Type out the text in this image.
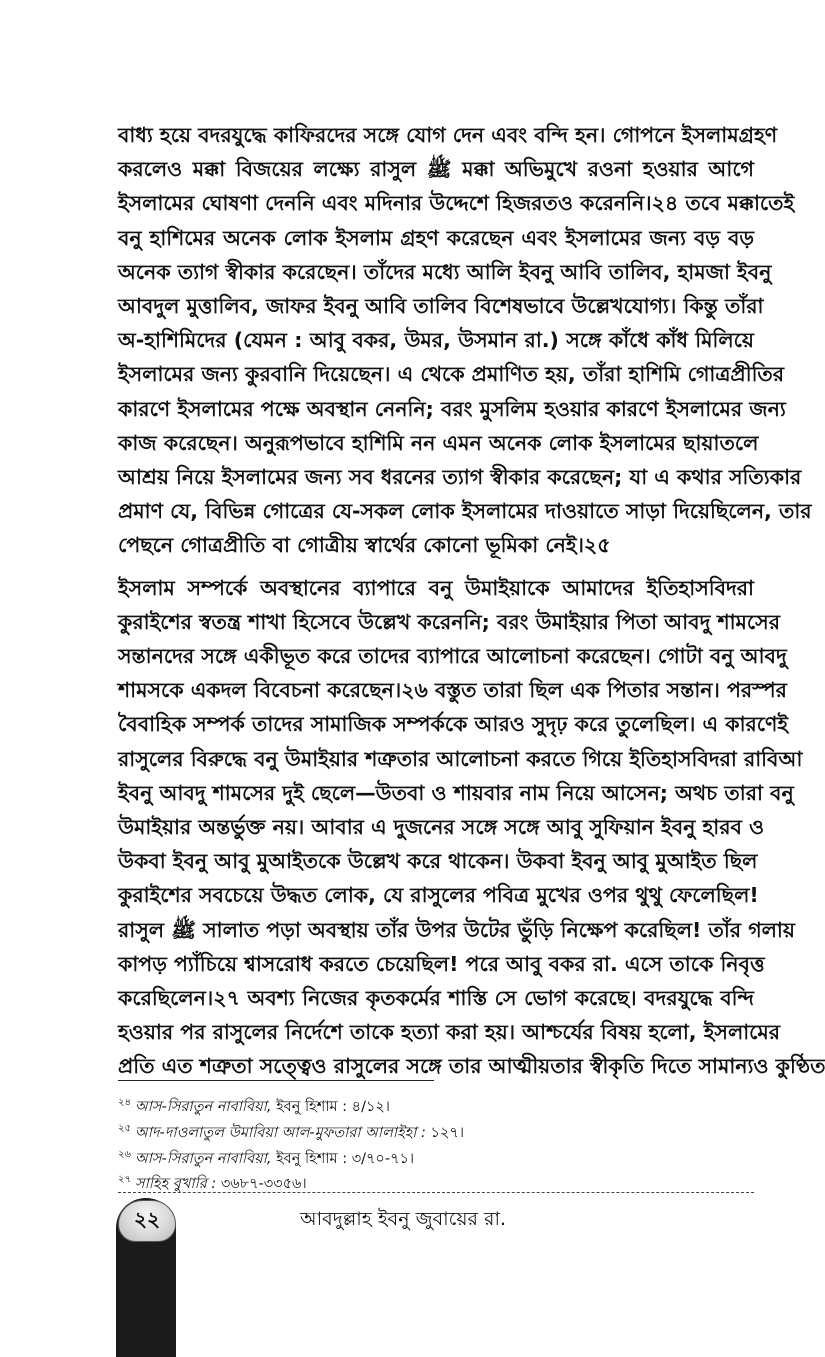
বাধ্য হয়ে বদরযুদ্ধে কাফিরদের সঙ্গে যোগ দেন এবং বন্দি হন। গোপনে ইসলামগ্রহণ
করলেও মক্কা বিজয়ের লক্ষ্যে রাসুল ﷺ মক্কা অভিমুখে রওনা হওয়ার আগে
ইসলামের ঘোষণা দেননি এবং মদিনার উদ্দেশে হিজরতও করেননি।২৪ তবে মক্কাতেই
বনু হাশিমের অনেক লোক ইসলাম গ্রহণ করেছেন এবং ইসলামের জন্য বড় বড়
অনেক ত্যাগ স্বীকার করেছেন। তাঁদের মধ্যে আলি ইবনু আবি তালিব, হামজা ইবনু
আবদুল মুত্তালিব, জাফর ইবনু আবি তালিব বিশেষভাবে উল্লেখযোগ্য। কিন্তু তাঁরা
অ-হাশিমিদের (যেমন : আবু বকর, উমর, উসমান রা.) সঙ্গে কাঁধে কাঁধ মিলিয়ে
ইসলামের জন্য কুরবানি দিয়েছেন। এ থেকে প্রমাণিত হয়, তাঁরা হাশিমি গোত্রপ্রীতির
কারণে ইসলামের পক্ষে অবস্থান নেননি; বরং মুসলিম হওয়ার কারণে ইসলামের জন্য
কাজ করেছেন। অনুরূপভাবে হাশিমি নন এমন অনেক লোক ইসলামের ছায়াতলে
আশ্রয় নিয়ে ইসলামের জন্য সব ধরনের ত্যাগ স্বীকার করেছেন; যা এ কথার সত্যিকার
প্রমাণ যে, বিভিন্ন গোত্রের যে-সকল লোক ইসলামের দাওয়াতে সাড়া দিয়েছিলেন, তার
পেছনে গোত্রপ্রীতি বা গোত্রীয় স্বার্থের কোনো ভূমিকা নেই।২৫
ইসলাম সম্পর্কে অবস্থানের ব্যাপারে বনু উমাইয়াকে আমাদের ইতিহাসবিদরা
কুরাইশের স্বতন্ত্র শাখা হিসেবে উল্লেখ করেননি; বরং উমাইয়ার পিতা আবদু শামসের
সন্তানদের সঙ্গে একীভূত করে তাদের ব্যাপারে আলোচনা করেছেন। গোটা বনু আবদু
শামসকে একদল বিবেচনা করেছেন।২৬ বস্তুত তারা ছিল এক পিতার সন্তান। পরস্পর
বৈবাহিক সম্পর্ক তাদের সামাজিক সম্পর্ককে আরও সুদৃঢ় করে তুলেছিল। এ কারণেই
রাসুলের বিরুদ্ধে বনু উমাইয়ার শত্রুতার আলোচনা করতে গিয়ে ইতিহাসবিদরা রাবিআ
ইবনু আবদু শামসের দুই ছেলে—উতবা ও শায়বার নাম নিয়ে আসেন; অথচ তারা বনু
উমাইয়ার অন্তর্ভুক্ত নয়। আবার এ দুজনের সঙ্গে সঙ্গে আবু সুফিয়ান ইবনু হারব ও
উকবা ইবনু আবু মুআইতকে উল্লেখ করে থাকেন। উকবা ইবনু আবু মুআইত ছিল
কুরাইশের সবচেয়ে উদ্ধত লোক, যে রাসুলের পবিত্র মুখের ওপর থুথু ফেলেছিল!
রাসুল ﷺ সালাত পড়া অবস্থায় তাঁর উপর উটের ভুঁড়ি নিক্ষেপ করেছিল! তাঁর গলায়
কাপড় প্যাঁচিয়ে শ্বাসরোধ করতে চেয়েছিল! পরে আবু বকর রা. এসে তাকে নিবৃত্ত
করেছিলেন।২৭ অবশ্য নিজের কৃতকর্মের শাস্তি সে ভোগ করেছে। বদরযুদ্ধে বন্দি
হওয়ার পর রাসুলের নির্দেশে তাকে হত্যা করা হয়। আশ্চর্যের বিষয় হলো, ইসলামের
প্রতি এত শত্রুতা সত্ত্বেও রাসুলের সঙ্গে তার আত্মীয়তার স্বীকৃতি দিতে সামান্যও কুণ্ঠিত
$^{২৪}$ আস-সিরাতুন নাবাবিয়া, ইবনু হিশাম : ৪/১২।
$^{২৫}$ আদ-দাওলাতুল উমাবিয়া আল-মুফতারা আলাইহা : ১২৭।
$^{২৬}$ আস-সিরাতুন নাবাবিয়া, ইবনু হিশাম : ৩/৭০-৭১।
$^{২৭}$ সাহিহ বুখারি : ৩৬৮৭-৩৩৫৬।
২২	আবদুল্লাহ ইবনু জুবায়ের রা.
